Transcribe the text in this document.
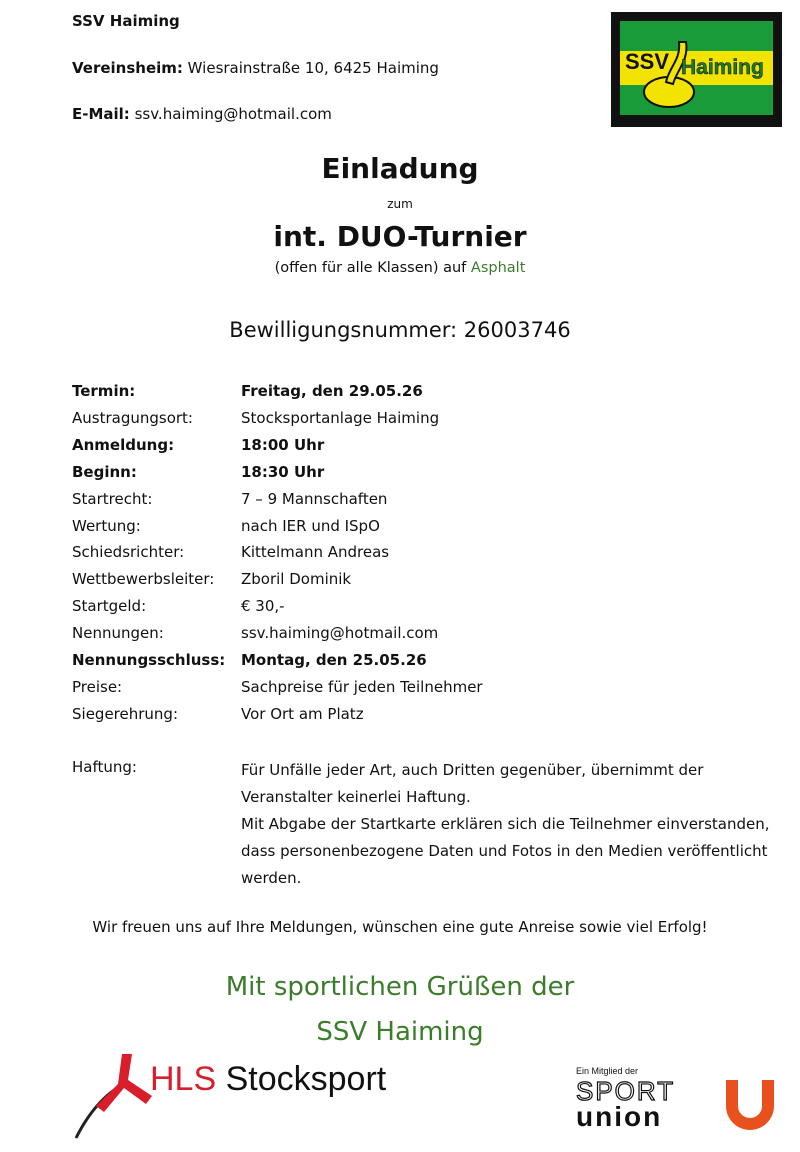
SSV Haiming
Vereinsheim: Wiesrainstraße 10, 6425 Haiming
E-Mail: ssv.haiming@hotmail.com
SSV Haiming
Einladung
zum
int. DUO-Turnier
(offen für alle Klassen) auf Asphalt
Bewilligungsnummer: 26003746
Termin:	Freitag, den 29.05.26
Austragungsort:	Stocksportanlage Haiming
Anmeldung:	18:00 Uhr
Beginn:	18:30 Uhr
Startrecht:	7 – 9 Mannschaften
Wertung:	nach IER und ISpO
Schiedsrichter:	Kittelmann Andreas
Wettbewerbsleiter:	Zboril Dominik
Startgeld:	€ 30,-
Nennungen:	ssv.haiming@hotmail.com
Nennungsschluss:	Montag, den 25.05.26
Preise:	Sachpreise für jeden Teilnehmer
Siegerehrung:	Vor Ort am Platz
Haftung:	Für Unfälle jeder Art, auch Dritten gegenüber, übernimmt der Veranstalter keinerlei Haftung.
Mit Abgabe der Startkarte erklären sich die Teilnehmer einverstanden, dass personenbezogene Daten und Fotos in den Medien veröffentlicht werden.
Wir freuen uns auf Ihre Meldungen, wünschen eine gute Anreise sowie viel Erfolg!
Mit sportlichen Grüßen der
SSV Haiming
HLS Stocksport	Ein Mitglied der
SPORT
union
